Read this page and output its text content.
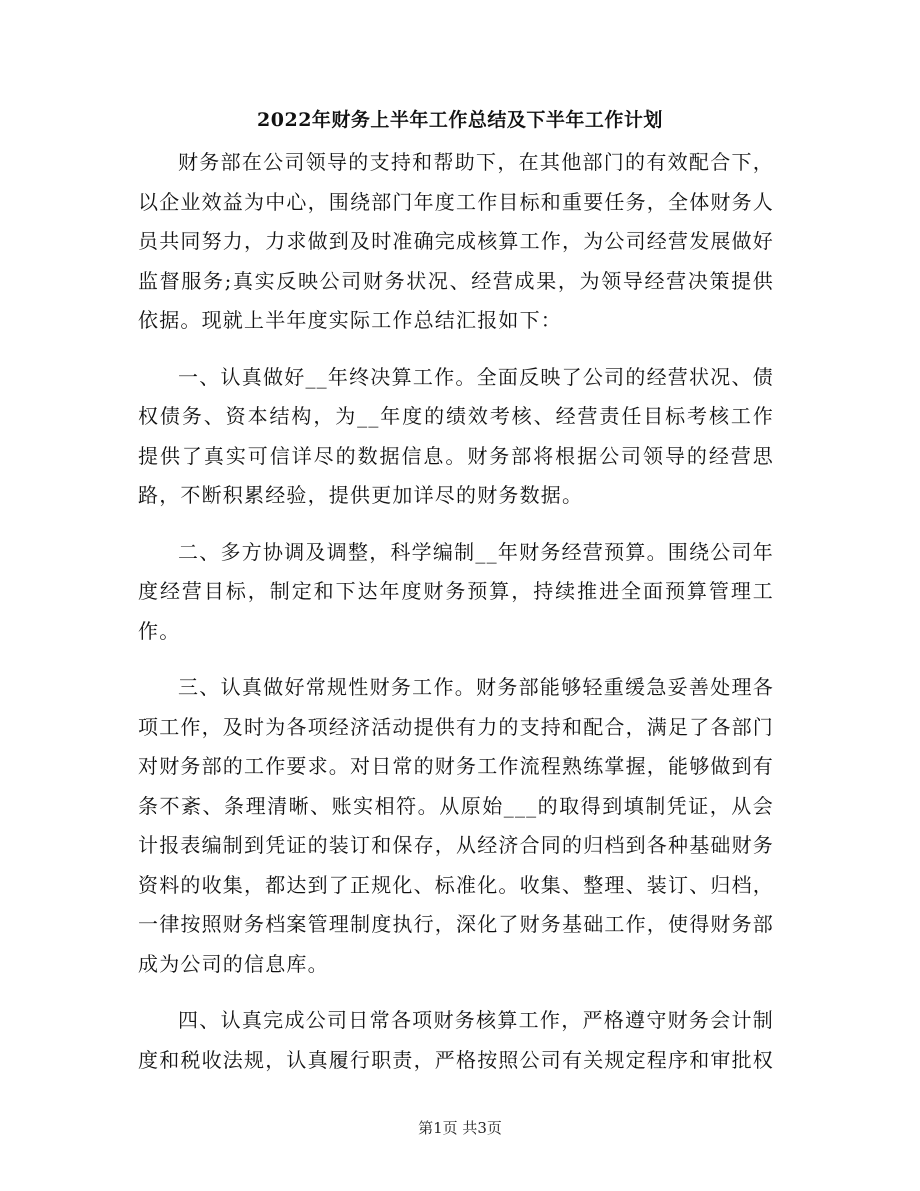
2022年财务上半年工作总结及下半年工作计划

财务部在公司领导的支持和帮助下，在其他部门的有效配合下，以企业效益为中心，围绕部门年度工作目标和重要任务，全体财务人员共同努力，力求做到及时准确完成核算工作，为公司经营发展做好监督服务;真实反映公司财务状况、经营成果，为领导经营决策提供依据。现就上半年度实际工作总结汇报如下：

一、认真做好__年终决算工作。全面反映了公司的经营状况、债权债务、资本结构，为__年度的绩效考核、经营责任目标考核工作提供了真实可信详尽的数据信息。财务部将根据公司领导的经营思路，不断积累经验，提供更加详尽的财务数据。

二、多方协调及调整，科学编制__年财务经营预算。围绕公司年度经营目标，制定和下达年度财务预算，持续推进全面预算管理工作。

三、认真做好常规性财务工作。财务部能够轻重缓急妥善处理各项工作，及时为各项经济活动提供有力的支持和配合，满足了各部门对财务部的工作要求。对日常的财务工作流程熟练掌握，能够做到有条不紊、条理清晰、账实相符。从原始___的取得到填制凭证，从会计报表编制到凭证的装订和保存，从经济合同的归档到各种基础财务资料的收集，都达到了正规化、标准化。收集、整理、装订、归档，一律按照财务档案管理制度执行，深化了财务基础工作，使得财务部成为公司的信息库。

四、认真完成公司日常各项财务核算工作，严格遵守财务会计制度和税收法规，认真履行职责，严格按照公司有关规定程序和审批权

第1页 共3页
